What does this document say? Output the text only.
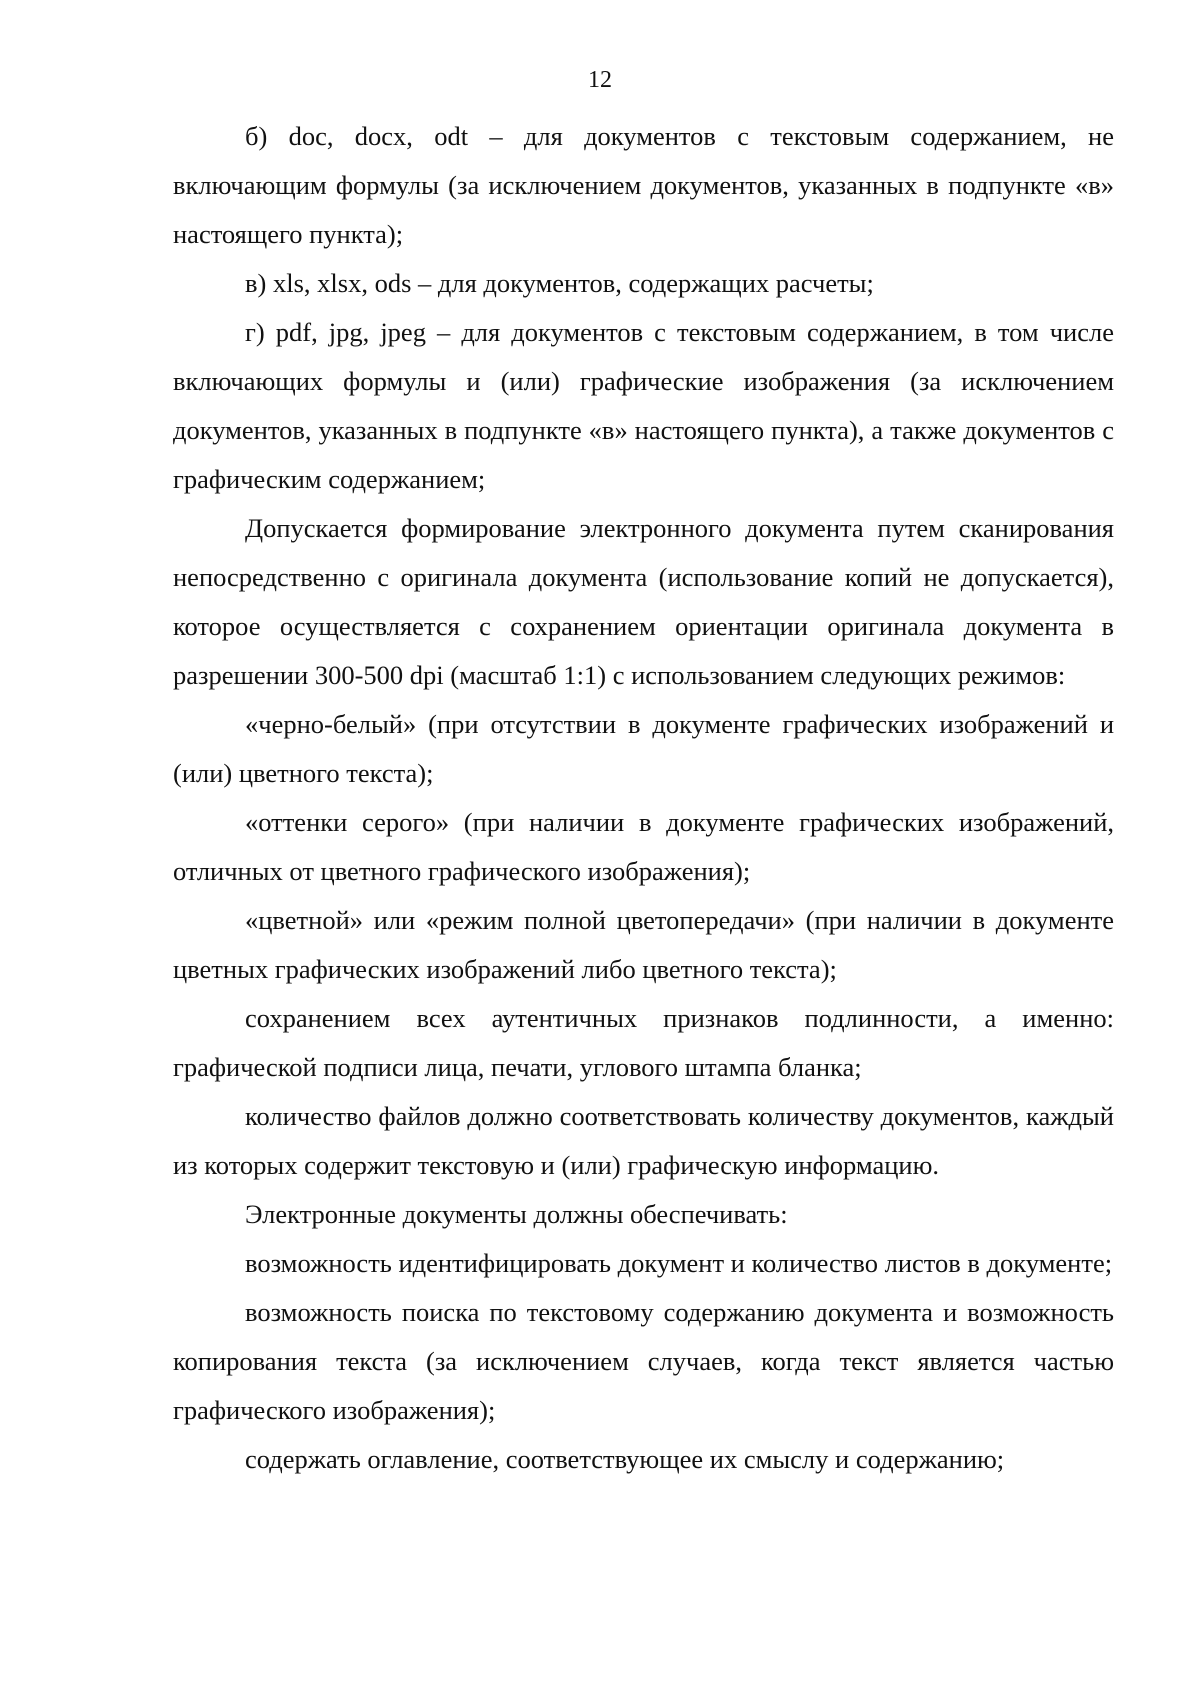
12

б) doc, docx, odt – для документов с текстовым содержанием, не включающим формулы (за исключением документов, указанных в подпункте «в» настоящего пункта);

в) xls, xlsx, ods – для документов, содержащих расчеты;

г) pdf, jpg, jpeg – для документов с текстовым содержанием, в том числе включающих формулы и (или) графические изображения (за исключением документов, указанных в подпункте «в» настоящего пункта), а также документов с графическим содержанием;

Допускается формирование электронного документа путем сканирования непосредственно с оригинала документа (использование копий не допускается), которое осуществляется с сохранением ориентации оригинала документа в разрешении 300-500 dpi (масштаб 1:1) с использованием следующих режимов:

«черно-белый» (при отсутствии в документе графических изображений и (или) цветного текста);

«оттенки серого» (при наличии в документе графических изображений, отличных от цветного графического изображения);

«цветной» или «режим полной цветопередачи» (при наличии в документе цветных графических изображений либо цветного текста);

сохранением всех аутентичных признаков подлинности, а именно: графической подписи лица, печати, углового штампа бланка;

количество файлов должно соответствовать количеству документов, каждый из которых содержит текстовую и (или) графическую информацию.

Электронные документы должны обеспечивать:

возможность идентифицировать документ и количество листов в документе;

возможность поиска по текстовому содержанию документа и возможность копирования текста (за исключением случаев, когда текст является частью графического изображения);

содержать оглавление, соответствующее их смыслу и содержанию;
